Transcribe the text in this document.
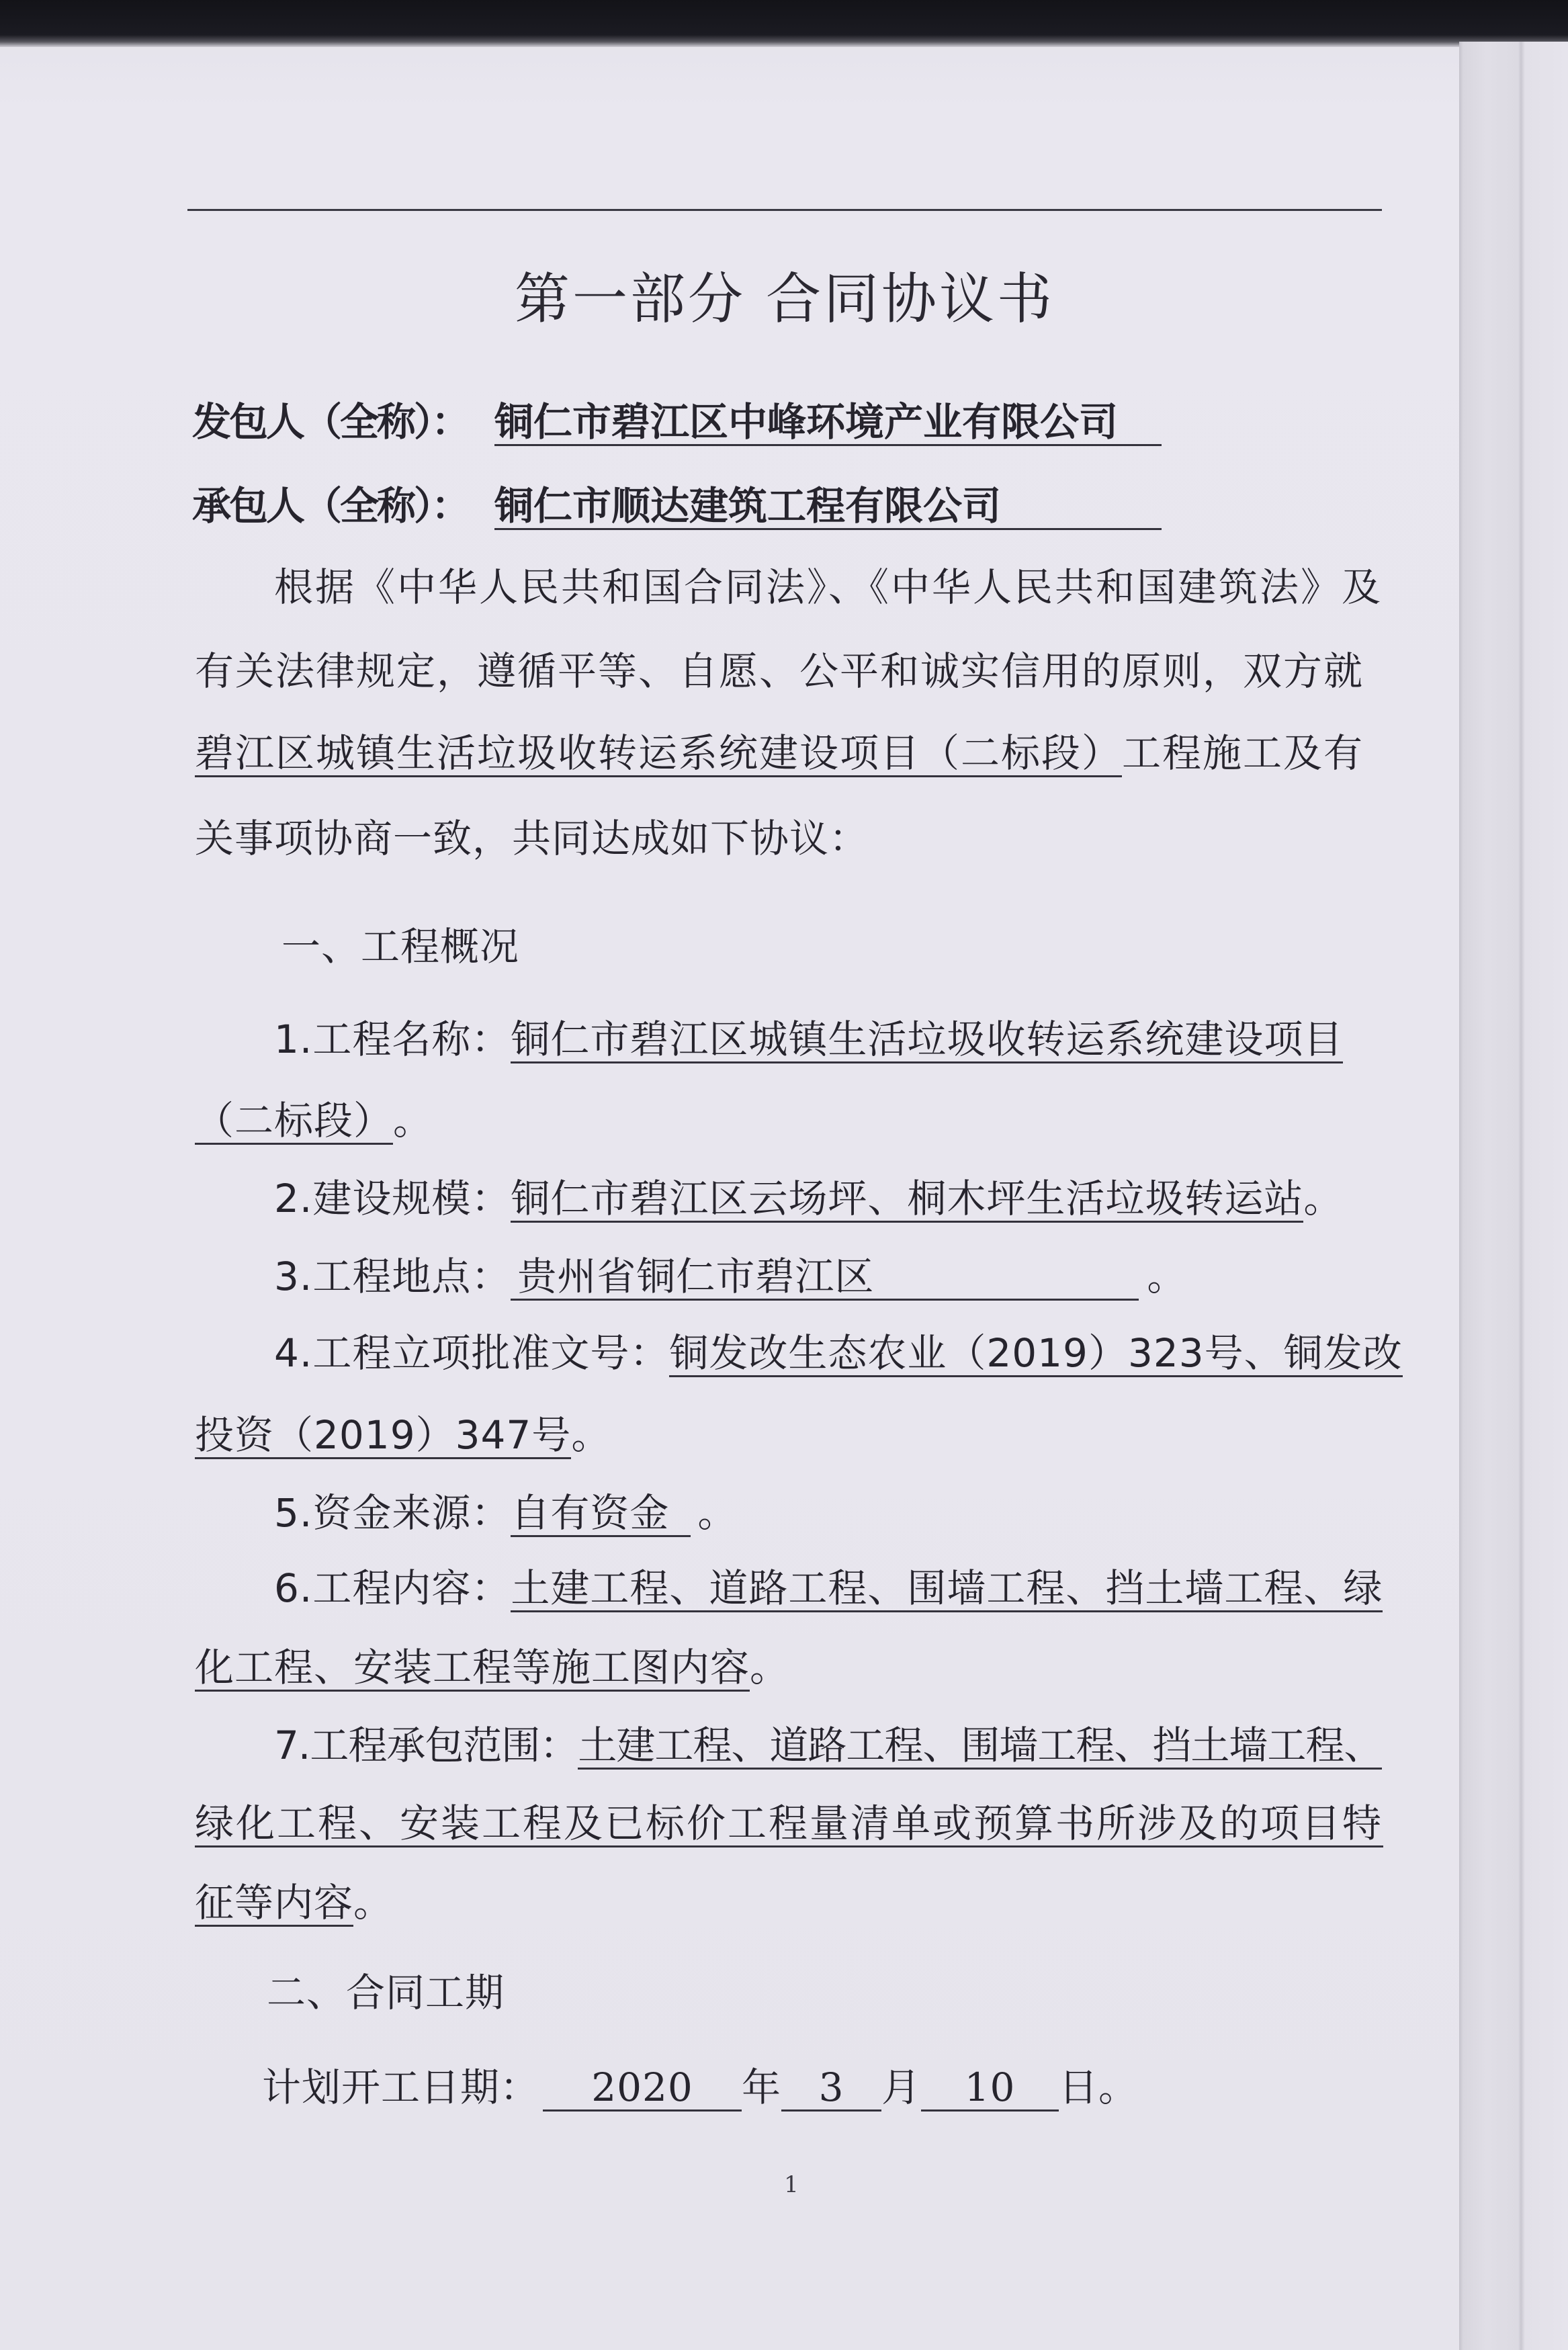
第一部分 合同协议书
发包人（全称）： 铜仁市碧江区中峰环境产业有限公司
承包人（全称）： 铜仁市顺达建筑工程有限公司
根据《中华人民共和国合同法》、《中华人民共和国建筑法》及
有关法律规定，遵循平等、自愿、公平和诚实信用的原则，双方就
碧江区城镇生活垃圾收转运系统建设项目（二标段）工程施工及有
关事项协商一致，共同达成如下协议：
一、工程概况
1.工程名称：铜仁市碧江区城镇生活垃圾收转运系统建设项目
（二标段）。
2.建设规模：铜仁市碧江区云场坪、桐木坪生活垃圾转运站。
3.工程地点： 贵州省铜仁市碧江区	。
4.工程立项批准文号：铜发改生态农业（2019）323号、铜发改
投资（2019）347号。
5.资金来源：自有资金 。
6.工程内容：土建工程、道路工程、围墙工程、挡土墙工程、绿
化工程、安装工程等施工图内容。
7.工程承包范围：土建工程、道路工程、围墙工程、挡土墙工程、
绿化工程、安装工程及已标价工程量清单或预算书所涉及的项目特
征等内容。
二、合同工期
计划开工日期： 2020 年 3 月 10 日。
1
